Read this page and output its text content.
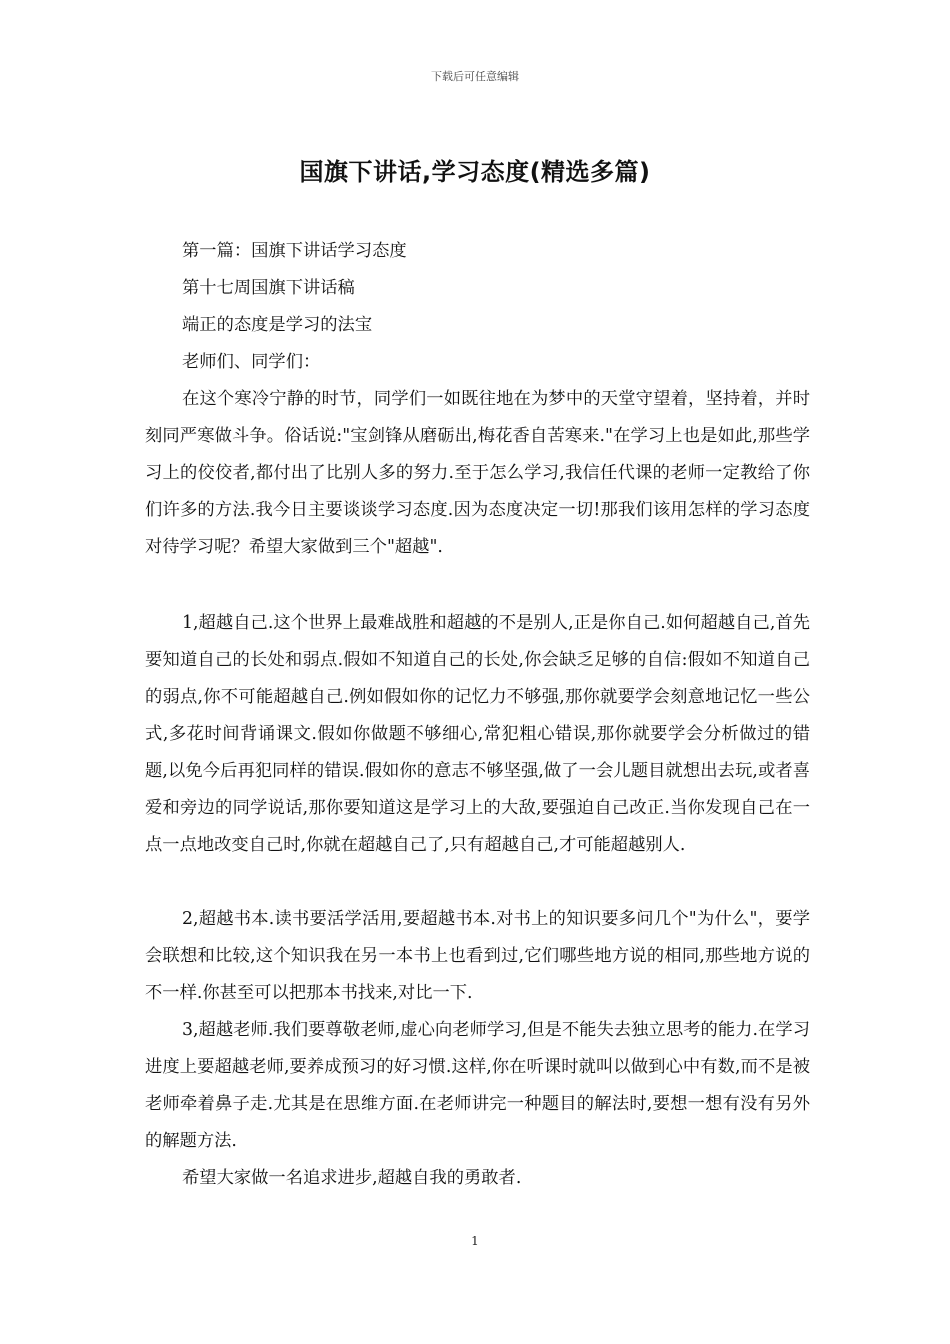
下载后可任意编辑
国旗下讲话,学习态度(精选多篇)
第一篇：国旗下讲话学习态度
第十七周国旗下讲话稿
端正的态度是学习的法宝
老师们、同学们：

在这个寒冷宁静的时节，同学们一如既往地在为梦中的天堂守望着，坚持着，并时刻同严寒做斗争。俗话说:"宝剑锋从磨砺出,梅花香自苦寒来."在学习上也是如此,那些学习上的佼佼者,都付出了比别人多的努力.至于怎么学习,我信任代课的老师一定教给了你们许多的方法.我今日主要谈谈学习态度.因为态度决定一切!那我们该用怎样的学习态度对待学习呢？希望大家做到三个"超越".

1,超越自己.这个世界上最难战胜和超越的不是别人,正是你自己.如何超越自己,首先要知道自己的长处和弱点.假如不知道自己的长处,你会缺乏足够的自信:假如不知道自己的弱点,你不可能超越自己.例如假如你的记忆力不够强,那你就要学会刻意地记忆一些公式,多花时间背诵课文.假如你做题不够细心,常犯粗心错误,那你就要学会分析做过的错题,以免今后再犯同样的错误.假如你的意志不够坚强,做了一会儿题目就想出去玩,或者喜爱和旁边的同学说话,那你要知道这是学习上的大敌,要强迫自己改正.当你发现自己在一点一点地改变自己时,你就在超越自己了,只有超越自己,才可能超越别人.

2,超越书本.读书要活学活用,要超越书本.对书上的知识要多问几个"为什么"，要学会联想和比较,这个知识我在另一本书上也看到过,它们哪些地方说的相同,那些地方说的不一样.你甚至可以把那本书找来,对比一下.

3,超越老师.我们要尊敬老师,虚心向老师学习,但是不能失去独立思考的能力.在学习进度上要超越老师,要养成预习的好习惯.这样,你在听课时就叫以做到心中有数,而不是被老师牵着鼻子走.尤其是在思维方面.在老师讲完一种题目的解法时,要想一想有没有另外的解题方法.

希望大家做一名追求进步,超越自我的勇敢者.

1
